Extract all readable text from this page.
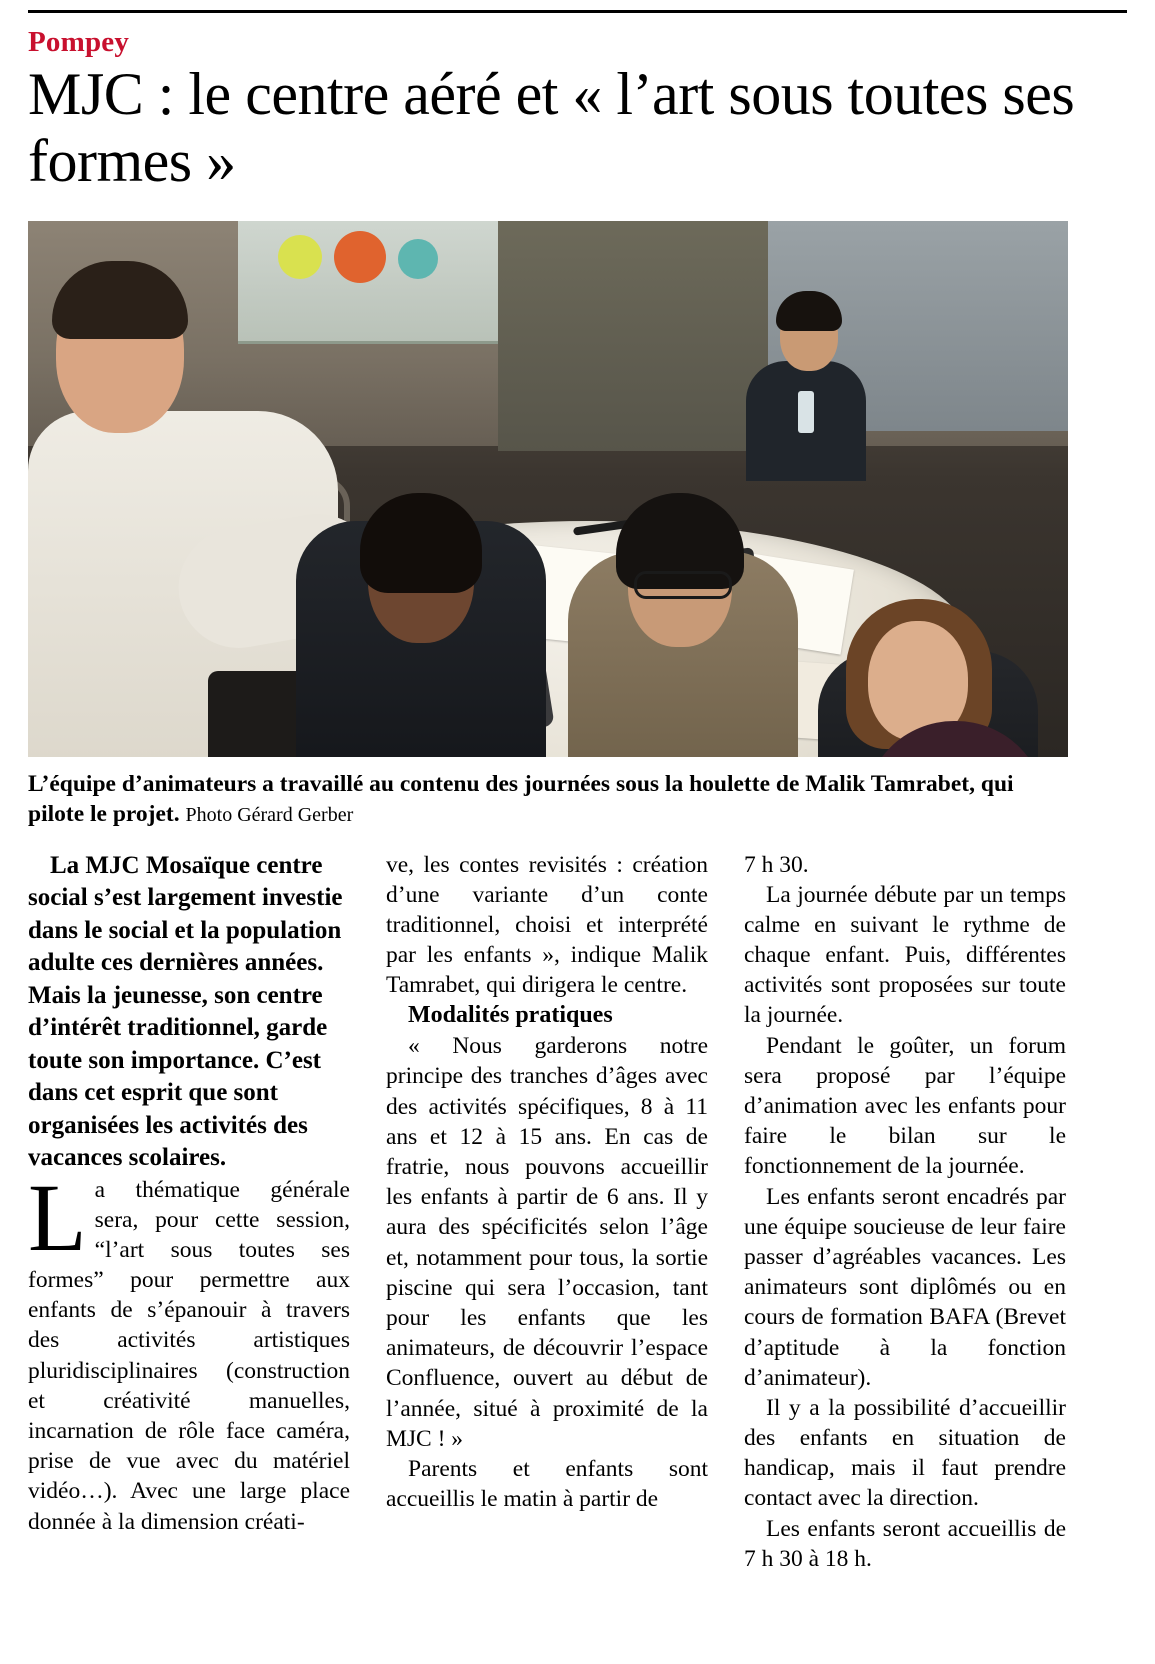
Pompey
MJC : le centre aéré et « l’art sous toutes ses formes »
L’équipe d’animateurs a travaillé au contenu des journées sous la houlette de Malik Tamrabet, qui pilote le projet. Photo Gérard Gerber

La MJC Mosaïque centre social s’est largement investie dans le social et la population adulte ces dernières années. Mais la jeunesse, son centre d’intérêt traditionnel, garde toute son importance. C’est dans cet esprit que sont organisées les activités des vacances scolaires.

La thématique générale sera, pour cette session, “l’art sous toutes ses formes” pour permettre aux enfants de s’épanouir à travers des activités artistiques pluridisciplinaires (construction et créativité manuelles, incarnation de rôle face caméra, prise de vue avec du matériel vidéo…). Avec une large place donnée à la dimension créati-

ve, les contes revisités : création d’une variante d’un conte traditionnel, choisi et interprété par les enfants », indique Malik Tamrabet, qui dirigera le centre.

Modalités pratiques

« Nous garderons notre principe des tranches d’âges avec des activités spécifiques, 8 à 11 ans et 12 à 15 ans. En cas de fratrie, nous pouvons accueillir les enfants à partir de 6 ans. Il y aura des spécificités selon l’âge et, notamment pour tous, la sortie piscine qui sera l’occasion, tant pour les enfants que les animateurs, de découvrir l’espace Confluence, ouvert au début de l’année, situé à proximité de la MJC ! »

Parents et enfants sont accueillis le matin à partir de

7 h 30.

La journée débute par un temps calme en suivant le rythme de chaque enfant. Puis, différentes activités sont proposées sur toute la journée.

Pendant le goûter, un forum sera proposé par l’équipe d’animation avec les enfants pour faire le bilan sur le fonctionnement de la journée.

Les enfants seront encadrés par une équipe soucieuse de leur faire passer d’agréables vacances. Les animateurs sont diplômés ou en cours de formation BAFA (Brevet d’aptitude à la fonction d’animateur).

Il y a la possibilité d’accueillir des enfants en situation de handicap, mais il faut prendre contact avec la direction.

Les enfants seront accueillis de 7 h 30 à 18 h.
